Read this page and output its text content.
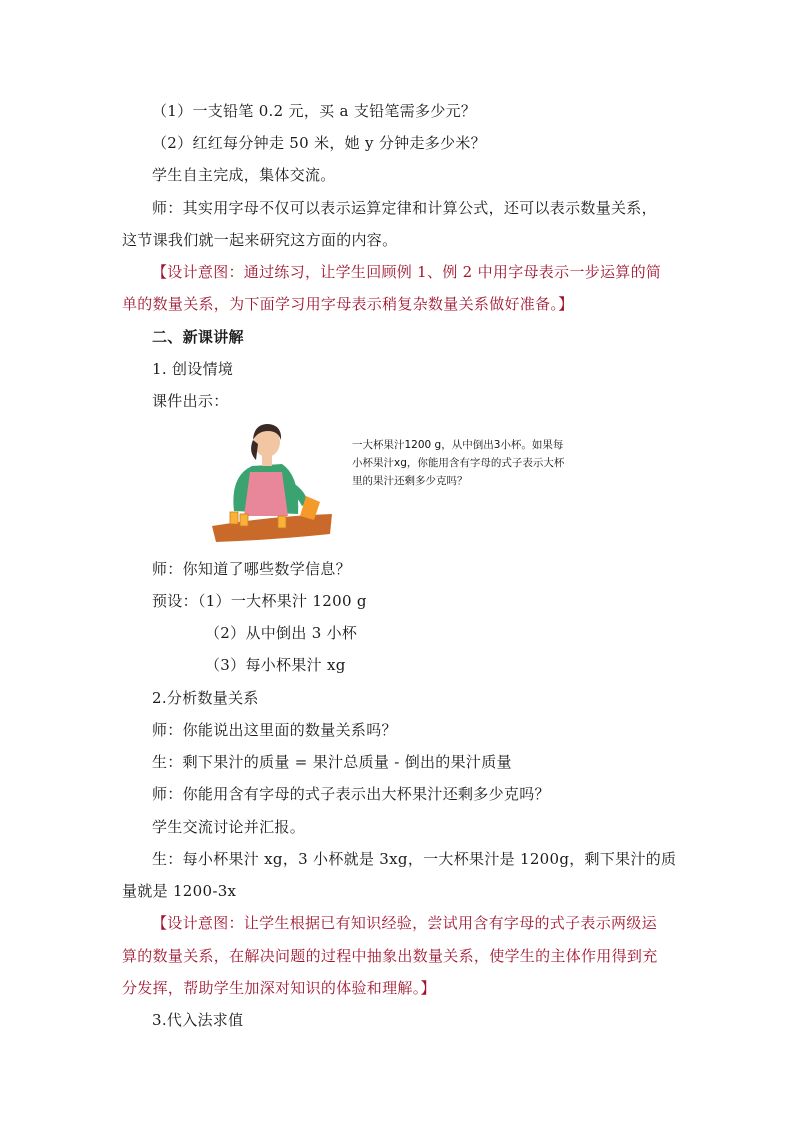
（1）一支铅笔 0.2 元，买 a 支铅笔需多少元？
（2）红红每分钟走 50 米，她 y 分钟走多少米？
学生自主完成，集体交流。
师：其实用字母不仅可以表示运算定律和计算公式，还可以表示数量关系，
这节课我们就一起来研究这方面的内容。
【设计意图：通过练习，让学生回顾例 1、例 2 中用字母表示一步运算的简
单的数量关系，为下面学习用字母表示稍复杂数量关系做好准备。】
二、新课讲解
1. 创设情境
课件出示：
一大杯果汁1200 g，从中倒出3小杯。如果每
小杯果汁xg，你能用含有字母的式子表示大杯
里的果汁还剩多少克吗？
师：你知道了哪些数学信息？
预设：（1）一大杯果汁 1200 g
（2）从中倒出 3 小杯
（3）每小杯果汁 xg
2.分析数量关系
师：你能说出这里面的数量关系吗？
生：剩下果汁的质量 = 果汁总质量 - 倒出的果汁质量
师：你能用含有字母的式子表示出大杯果汁还剩多少克吗？
学生交流讨论并汇报。
生：每小杯果汁 xg，3 小杯就是 3xg，一大杯果汁是 1200g，剩下果汁的质
量就是 1200-3x
【设计意图：让学生根据已有知识经验，尝试用含有字母的式子表示两级运
算的数量关系，在解决问题的过程中抽象出数量关系，使学生的主体作用得到充
分发挥，帮助学生加深对知识的体验和理解。】
3.代入法求值
